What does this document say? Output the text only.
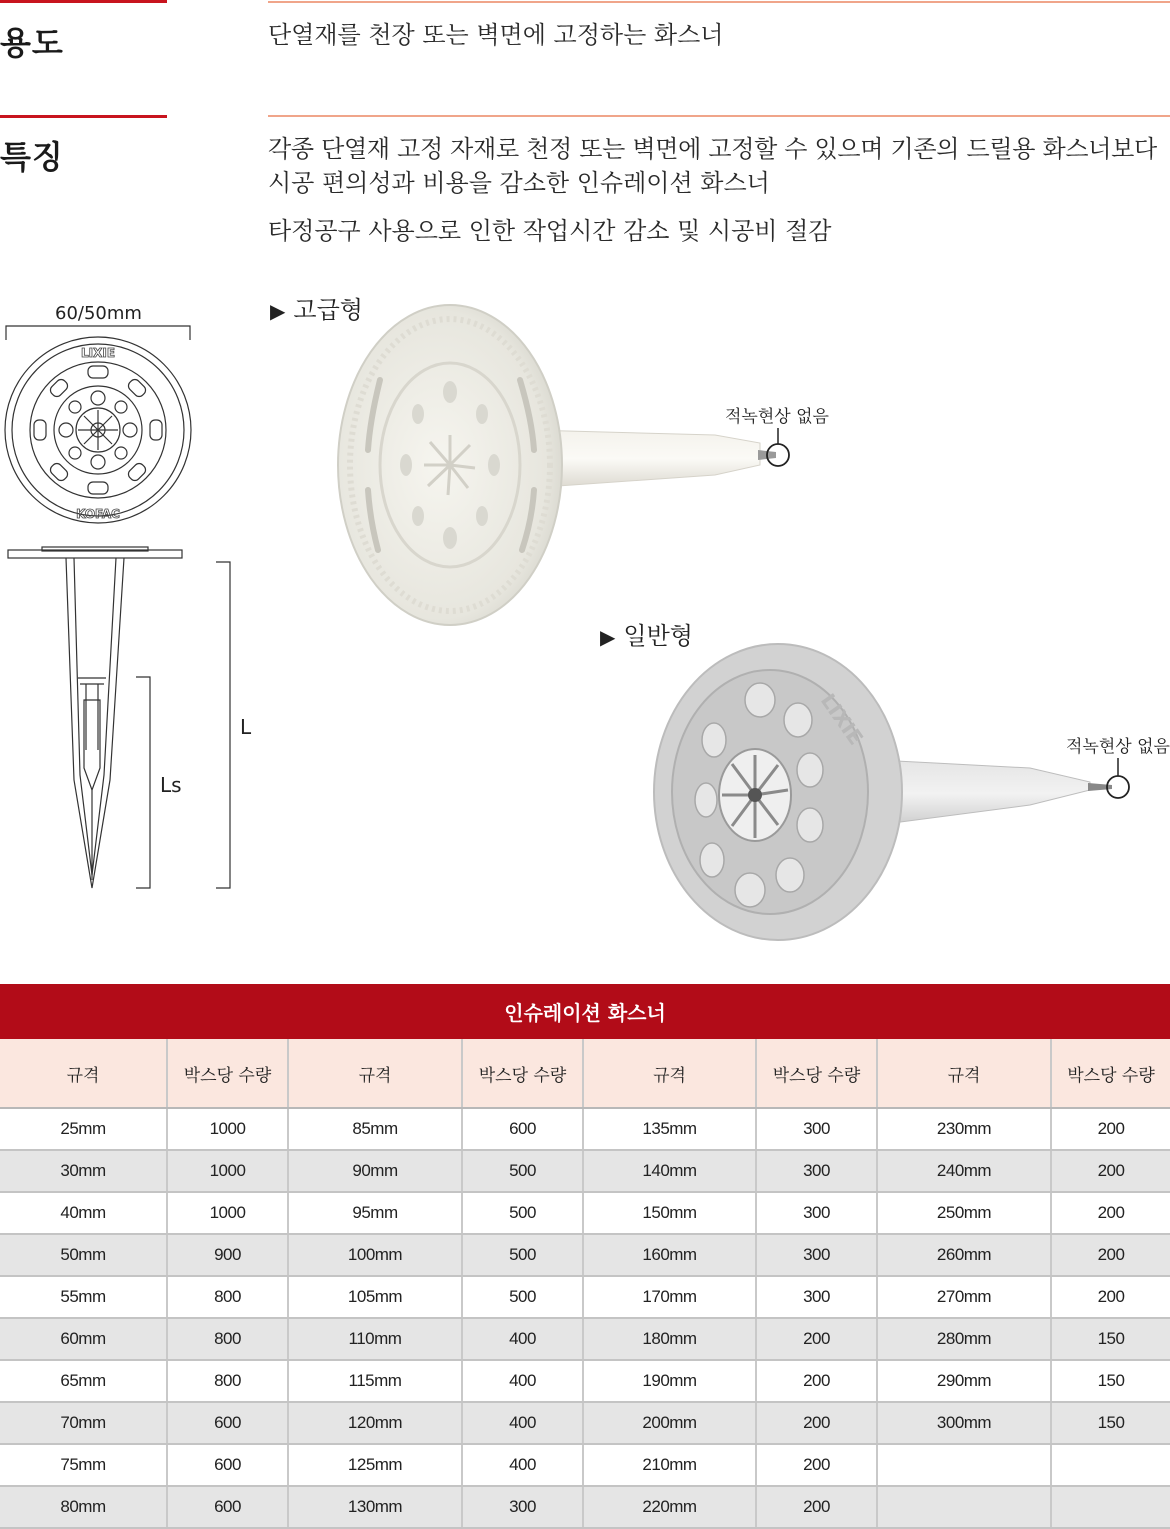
용도	단열재를 천장 또는 벽면에 고정하는 화스너
특징	각종 단열재 고정 자재로 천정 또는 벽면에 고정할 수 있으며 기존의 드릴용 화스너보다
시공 편의성과 비용을 감소한 인슈레이션 화스너
타정공구 사용으로 인한 작업시간 감소 및 시공비 절감
60/50mm
LIXIE
KOFAC
L
Ls
▶ 고급형
적녹현상 없음
▶ 일반형
LIXIE	적녹현상 없음
인슈레이션 화스너							
규격	박스당 수량	규격	박스당 수량	규격	박스당 수량	규격	박스당 수량
25mm	1000	85mm	600	135mm	300	230mm	200
30mm	1000	90mm	500	140mm	300	240mm	200
40mm	1000	95mm	500	150mm	300	250mm	200
50mm	900	100mm	500	160mm	300	260mm	200
55mm	800	105mm	500	170mm	300	270mm	200
60mm	800	110mm	400	180mm	200	280mm	150
65mm	800	115mm	400	190mm	200	290mm	150
70mm	600	120mm	400	200mm	200	300mm	150
75mm	600	125mm	400	210mm	200		
80mm	600	130mm	300	220mm	200		
